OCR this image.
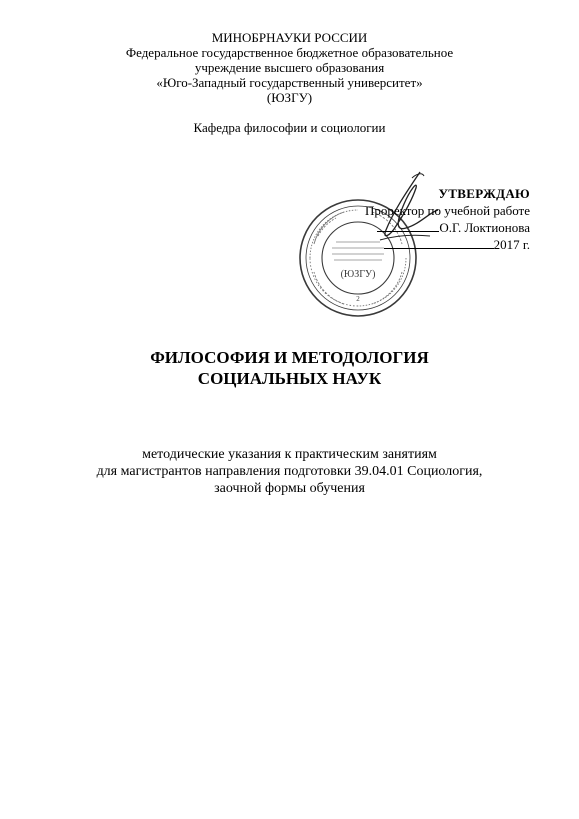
МИНОБРНАУКИ РОССИИ
Федеральное государственное бюджетное образовательное
учреждение высшего образования
«Юго-Западный государственный университет»
(ЮЗГУ)
Кафедра философии и социологии
(ЮЗГУ)
2
УТВЕРЖДАЮ
Проректор по учебной работе
О.Г. Локтионова
2017 г.
ФИЛОСОФИЯ И МЕТОДОЛОГИЯ
СОЦИАЛЬНЫХ НАУК
методические указания к практическим занятиям
для магистрантов направления подготовки 39.04.01 Социология,
заочной формы обучения
